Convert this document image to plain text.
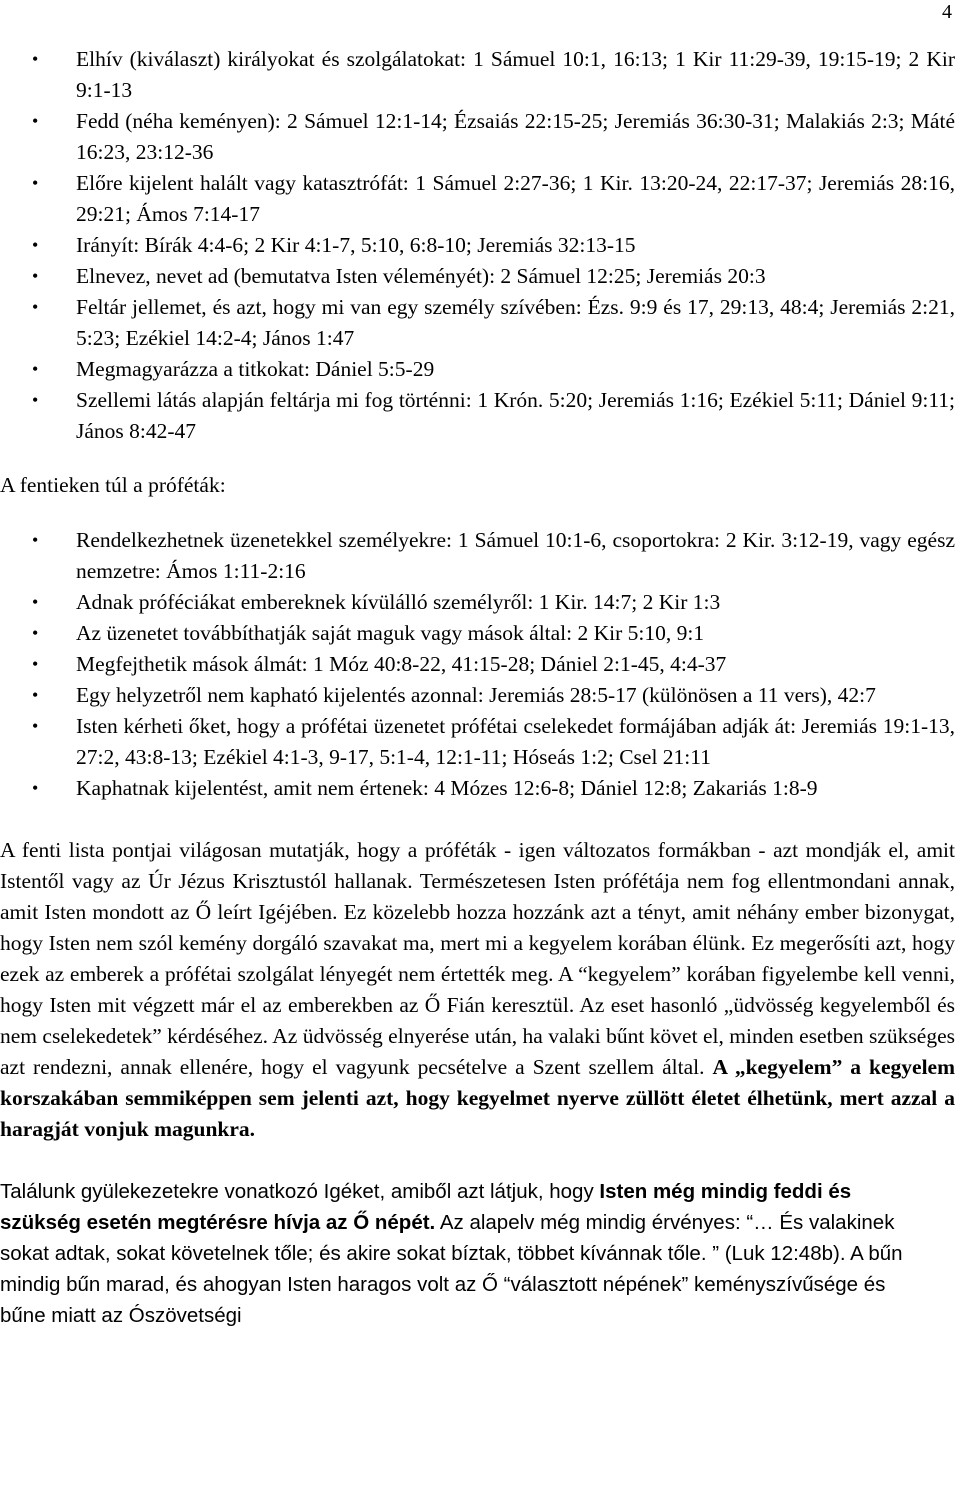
4
• Elhív (kiválaszt) királyokat és szolgálatokat: 1 Sámuel 10:1, 16:13; 1 Kir 11:29-39, 19:15-19; 2 Kir 9:1-13
• Fedd (néha keményen): 2 Sámuel 12:1-14; Ézsaiás 22:15-25; Jeremiás 36:30-31; Malakiás 2:3; Máté 16:23, 23:12-36
• Előre kijelent halált vagy katasztrófát: 1 Sámuel 2:27-36; 1 Kir. 13:20-24, 22:17-37; Jeremiás 28:16, 29:21; Ámos 7:14-17
• Irányít: Bírák 4:4-6; 2 Kir 4:1-7, 5:10, 6:8-10; Jeremiás 32:13-15
• Elnevez, nevet ad (bemutatva Isten véleményét): 2 Sámuel 12:25; Jeremiás 20:3
• Feltár jellemet, és azt, hogy mi van egy személy szívében: Ézs. 9:9 és 17, 29:13, 48:4; Jeremiás 2:21, 5:23; Ezékiel 14:2-4; János 1:47
• Megmagyarázza a titkokat: Dániel 5:5-29
• Szellemi látás alapján feltárja mi fog történni: 1 Krón. 5:20; Jeremiás 1:16; Ezékiel 5:11; Dániel 9:11; János 8:42-47

A fentieken túl a próféták:

• Rendelkezhetnek üzenetekkel személyekre: 1 Sámuel 10:1-6, csoportokra: 2 Kir. 3:12-19, vagy egész nemzetre: Ámos 1:11-2:16
• Adnak próféciákat embereknek kívülálló személyről: 1 Kir. 14:7; 2 Kir 1:3
• Az üzenetet továbbíthatják saját maguk vagy mások által: 2 Kir 5:10, 9:1
• Megfejthetik mások álmát: 1 Móz 40:8-22, 41:15-28; Dániel 2:1-45, 4:4-37
• Egy helyzetről nem kapható kijelentés azonnal: Jeremiás 28:5-17 (különösen a 11 vers), 42:7
• Isten kérheti őket, hogy a prófétai üzenetet prófétai cselekedet formájában adják át: Jeremiás 19:1-13, 27:2, 43:8-13; Ezékiel 4:1-3, 9-17, 5:1-4, 12:1-11; Hóseás 1:2; Csel 21:11
• Kaphatnak kijelentést, amit nem értenek: 4 Mózes 12:6-8; Dániel 12:8; Zakariás 1:8-9

A fenti lista pontjai világosan mutatják, hogy a próféták - igen változatos formákban - azt mondják el, amit Istentől vagy az Úr Jézus Krisztustól hallanak. Természetesen Isten prófétája nem fog ellentmondani annak, amit Isten mondott az Ő leírt Igéjében. Ez közelebb hozza hozzánk azt a tényt, amit néhány ember bizonygat, hogy Isten nem szól kemény dorgáló szavakat ma, mert mi a kegyelem korában élünk. Ez megerősíti azt, hogy ezek az emberek a prófétai szolgálat lényegét nem értették meg. A “kegyelem” korában figyelembe kell venni, hogy Isten mit végzett már el az emberekben az Ő Fián keresztül. Az eset hasonló „üdvösség kegyelemből és nem cselekedetek” kérdéséhez. Az üdvösség elnyerése után, ha valaki bűnt követ el, minden esetben szükséges azt rendezni, annak ellenére, hogy el vagyunk pecsételve a Szent szellem által. A „kegyelem” a kegyelem korszakában semmiképpen sem jelenti azt, hogy kegyelmet nyerve züllött életet élhetünk, mert azzal a haragját vonjuk magunkra.

Találunk gyülekezetekre vonatkozó Igéket, amiből azt látjuk, hogy Isten még mindig feddi és szükség esetén megtérésre hívja az Ő népét. Az alapelv még mindig érvényes: “… És valakinek sokat adtak, sokat követelnek tőle; és akire sokat bíztak, többet kívánnak tőle. ” (Luk 12:48b). A bűn mindig bűn marad, és ahogyan Isten haragos volt az Ő “választott népének” keményszívűsége és bűne miatt az Ószövetségi
